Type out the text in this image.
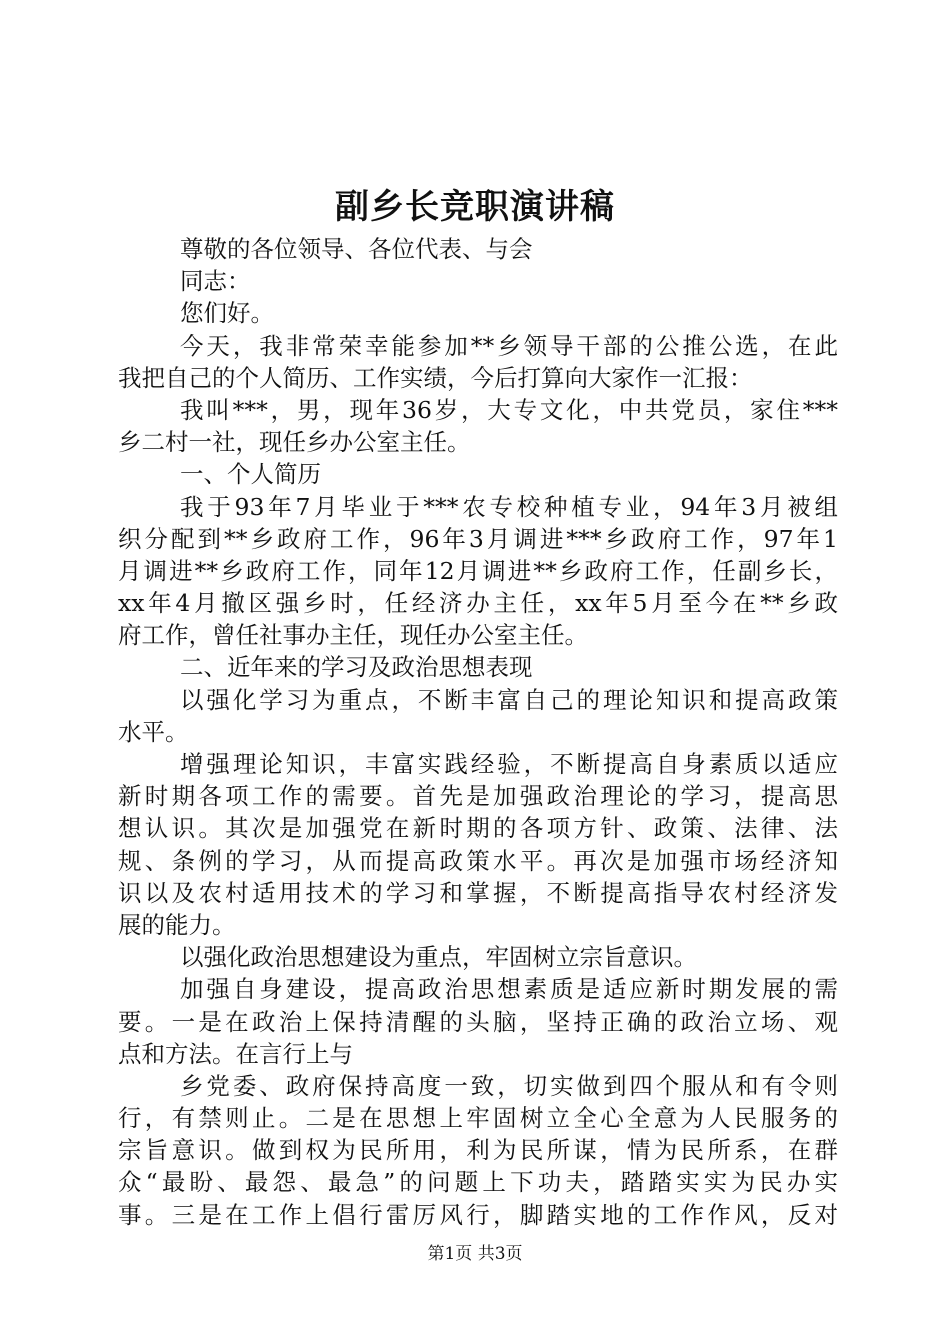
副乡长竞职演讲稿
尊敬的各位领导、各位代表、与会
同志：
您们好。
今天，我非常荣幸能参加**乡领导干部的公推公选，在此
我把自己的个人简历、工作实绩，今后打算向大家作一汇报：
我叫***，男，现年36岁，大专文化，中共党员，家住***
乡二村一社，现任乡办公室主任。
一、个人简历
我于93年7月毕业于***农专校种植专业，94年3月被组
织分配到**乡政府工作，96年3月调进***乡政府工作，97年1
月调进**乡政府工作，同年12月调进**乡政府工作，任副乡长，
xx年4月撤区强乡时，任经济办主任，xx年5月至今在**乡政
府工作，曾任社事办主任，现任办公室主任。
二、近年来的学习及政治思想表现
以强化学习为重点，不断丰富自己的理论知识和提高政策
水平。
增强理论知识，丰富实践经验，不断提高自身素质以适应
新时期各项工作的需要。首先是加强政治理论的学习，提高思
想认识。其次是加强党在新时期的各项方针、政策、法律、法
规、条例的学习，从而提高政策水平。再次是加强市场经济知
识以及农村适用技术的学习和掌握，不断提高指导农村经济发
展的能力。
以强化政治思想建设为重点，牢固树立宗旨意识。
加强自身建设，提高政治思想素质是适应新时期发展的需
要。一是在政治上保持清醒的头脑，坚持正确的政治立场、观
点和方法。在言行上与
乡党委、政府保持高度一致，切实做到四个服从和有令则
行，有禁则止。二是在思想上牢固树立全心全意为人民服务的
宗旨意识。做到权为民所用，利为民所谋，情为民所系，在群
众“最盼、最怨、最急”的问题上下功夫，踏踏实实为民办实
事。三是在工作上倡行雷厉风行，脚踏实地的工作作风，反对
第1页 共3页
